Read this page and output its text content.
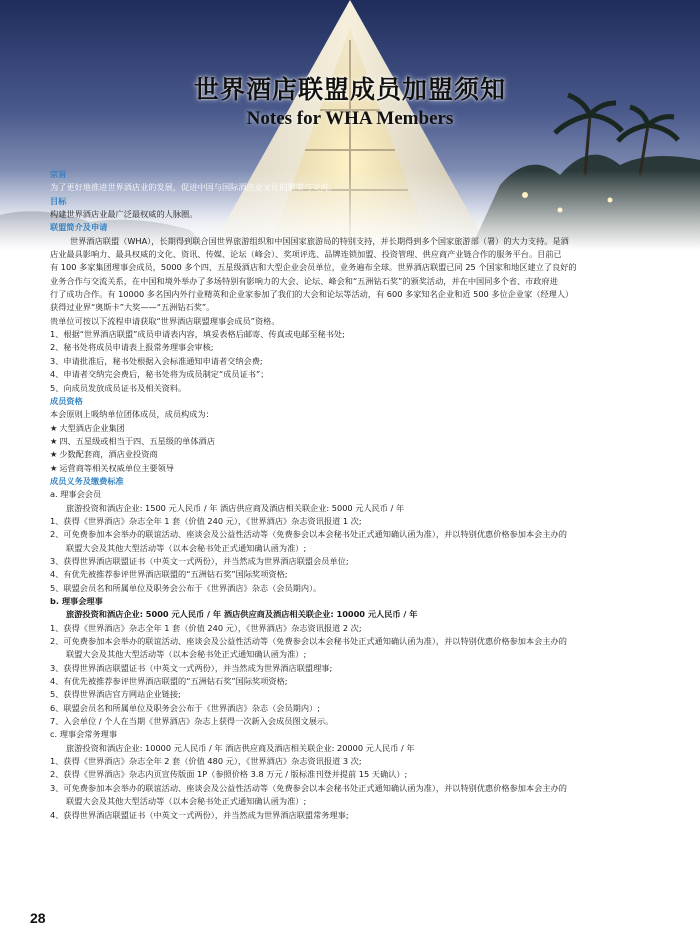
世界酒店联盟成员加盟须知
Notes for WHA Members
宗旨
为了更好地推进世界酒店业的发展，促进中国与国际酒店业文化的繁荣与交流。
目标
构建世界酒店业最广泛最权威的人脉圈。
联盟简介及申请
世界酒店联盟（WHA），长期得到联合国世界旅游组织和中国国家旅游局的特别支持，并长期得到多个国家旅游部（署）的大力支持。是酒
店业最具影响力、最具权威的文化、资讯、传媒、论坛（峰会）、奖项评选、品牌连锁加盟、投资管理、供应商产业链合作的服务平台。目前已
有 100 多家集团理事会成员，5000 多个四、五星级酒店和大型企业会员单位，业务遍布全球。世界酒店联盟已同 25 个国家和地区建立了良好的
业务合作与交流关系，在中国和境外举办了多场特别有影响力的大会、论坛、峰会和“五洲钻石奖”的颁奖活动，并在中国同多个省、市政府进
行了成功合作。有 10000 多名国内外行业精英和企业家参加了我们的大会和论坛等活动，有 600 多家知名企业和近 500 多位企业家（经理人）
获得过业界“奥斯卡”大奖——“五洲钻石奖”。
贵单位可按以下流程申请获取“世界酒店联盟理事会成员”资格。
1、根据“世界酒店联盟”成员申请表内容，填妥表格后邮寄、传真或电邮至秘书处;
2、秘书处将成员申请表上报常务理事会审核;
3、申请批准后，秘书处根据入会标准通知申请者交纳会费;
4、申请者交纳完会费后，秘书处将为成员制定“成员证书”；
5、向成员发放成员证书及相关资料。
成员资格
本会原则上吸纳单位团体成员，成员构成为：
★ 大型酒店企业集团
★ 四、五星级或相当于四、五星级的单体酒店
★ 少数配套商，酒店业投资商
★ 运营商等相关权威单位主要领导
成员义务及缴费标准
a. 理事会会员
旅游投资和酒店企业: 1500 元人民币 / 年 酒店供应商及酒店相关联企业: 5000 元人民币 / 年
1、获得《世界酒店》杂志全年 1 套（价值 240 元），《世界酒店》杂志资讯报道 1 次;
2、可免费参加本会举办的联谊活动、座谈会及公益性活动等（免费参会以本会秘书处正式通知确认函为准），并以特别优惠价格参加本会主办的
联盟大会及其他大型活动等（以本会秘书处正式通知确认函为准）;
3、获得世界酒店联盟证书（中英文一式两份），并当然成为世界酒店联盟会员单位;
4、有优先被推荐参评世界酒店联盟的“五洲钻石奖”国际奖项资格;
5、联盟会员名和所属单位及职务会公布于《世界酒店》杂志（会员期内）。
b. 理事会理事
旅游投资和酒店企业: 5000 元人民币 / 年 酒店供应商及酒店相关联企业: 10000 元人民币 / 年
1、获得《世界酒店》杂志全年 1 套（价值 240 元），《世界酒店》杂志资讯报道 2 次;
2、可免费参加本会举办的联谊活动、座谈会及公益性活动等（免费参会以本会秘书处正式通知确认函为准），并以特别优惠价格参加本会主办的
联盟大会及其他大型活动等（以本会秘书处正式通知确认函为准）;
3、获得世界酒店联盟证书（中英文一式两份），并当然成为世界酒店联盟理事;
4、有优先被推荐参评世界酒店联盟的“五洲钻石奖”国际奖项资格;
5、获得世界酒店官方网站企业链接;
6、联盟会员名和所属单位及职务会公布于《世界酒店》杂志（会员期内）;
7、入会单位 / 个人在当期《世界酒店》杂志上获得一次新入会成员图文展示。
c. 理事会常务理事
旅游投资和酒店企业: 10000 元人民币 / 年 酒店供应商及酒店相关联企业: 20000 元人民币 / 年
1、获得《世界酒店》杂志全年 2 套（价值 480 元），《世界酒店》杂志资讯报道 3 次;
2、获得《世界酒店》杂志内页宣传版面 1P（参照价格 3.8 万元 / 版标准刊登并提前 15 天确认）;
3、可免费参加本会举办的联谊活动、座谈会及公益性活动等（免费参会以本会秘书处正式通知确认函为准），并以特别优惠价格参加本会主办的
联盟大会及其他大型活动等（以本会秘书处正式通知确认函为准）;
4、获得世界酒店联盟证书（中英文一式两份），并当然成为世界酒店联盟常务理事;
28
